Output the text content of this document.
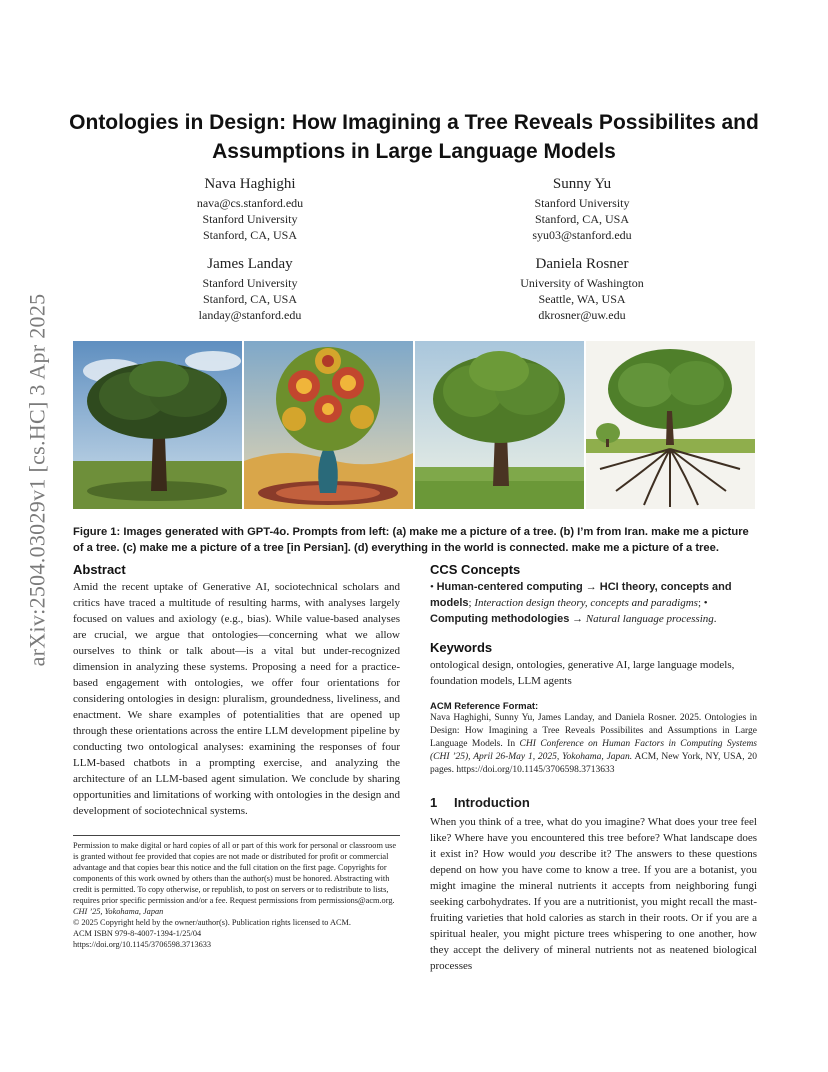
arXiv:2504.03029v1 [cs.HC] 3 Apr 2025
Ontologies in Design: How Imagining a Tree Reveals Possibilites and Assumptions in Large Language Models
Nava Haghighi
nava@cs.stanford.edu
Stanford University
Stanford, CA, USA
Sunny Yu
Stanford University
Stanford, CA, USA
syu03@stanford.edu
James Landay
Stanford University
Stanford, CA, USA
landay@stanford.edu
Daniela Rosner
University of Washington
Seattle, WA, USA
dkrosner@uw.edu
Figure 1: Images generated with GPT-4o. Prompts from left: (a) make me a picture of a tree. (b) I’m from Iran. make me a picture of a tree. (c) make me a picture of a tree [in Persian]. (d) everything in the world is connected. make me a picture of a tree.
Abstract

Amid the recent uptake of Generative AI, sociotechnical scholars and critics have traced a multitude of resulting harms, with analyses largely focused on values and axiology (e.g., bias). While value-based analyses are crucial, we argue that ontologies—concerning what we allow ourselves to think or talk about—is a vital but under-recognized dimension in analyzing these systems. Proposing a need for a practice-based engagement with ontologies, we offer four orientations for considering ontologies in design: pluralism, groundedness, liveliness, and enactment. We share examples of potentialities that are opened up through these orientations across the entire LLM development pipeline by conducting two ontological analyses: examining the responses of four LLM-based chatbots in a prompting exercise, and analyzing the architecture of an LLM-based agent simulation. We conclude by sharing opportunities and limitations of working with ontologies in the design and development of sociotechnical systems.

CCS Concepts

• Human-centered computing → HCI theory, concepts and models; Interaction design theory, concepts and paradigms; • Computing methodologies → Natural language processing.

Keywords

ontological design, ontologies, generative AI, large language models, foundation models, LLM agents

ACM Reference Format:

Nava Haghighi, Sunny Yu, James Landay, and Daniela Rosner. 2025. Ontologies in Design: How Imagining a Tree Reveals Possibilites and Assumptions in Large Language Models. In CHI Conference on Human Factors in Computing Systems (CHI ’25), April 26-May 1, 2025, Yokohama, Japan. ACM, New York, NY, USA, 20 pages. https://doi.org/10.1145/3706598.3713633

1 Introduction

When you think of a tree, what do you imagine? What does your tree feel like? Where have you encountered this tree before? What landscape does it exist in? How would you describe it? The answers to these questions depend on how you have come to know a tree. If you are a botanist, you might imagine the mineral nutrients it accepts from neighboring fungi seeking carbohydrates. If you are a nutritionist, you might recall the mast-fruiting varieties that hold calories as starch in their roots. Or if you are a spiritual healer, you might picture trees whispering to one another, how they accept the delivery of mineral nutrients not as neatened biological processes

Permission to make digital or hard copies of all or part of this work for personal or classroom use is granted without fee provided that copies are not made or distributed for profit or commercial advantage and that copies bear this notice and the full citation on the first page. Copyrights for components of this work owned by others than the author(s) must be honored. Abstracting with credit is permitted. To copy otherwise, or republish, to post on servers or to redistribute to lists, requires prior specific permission and/or a fee. Request permissions from permissions@acm.org.

CHI ’25, Yokohama, Japan

© 2025 Copyright held by the owner/author(s). Publication rights licensed to ACM.

ACM ISBN 979-8-4007-1394-1/25/04

https://doi.org/10.1145/3706598.3713633
